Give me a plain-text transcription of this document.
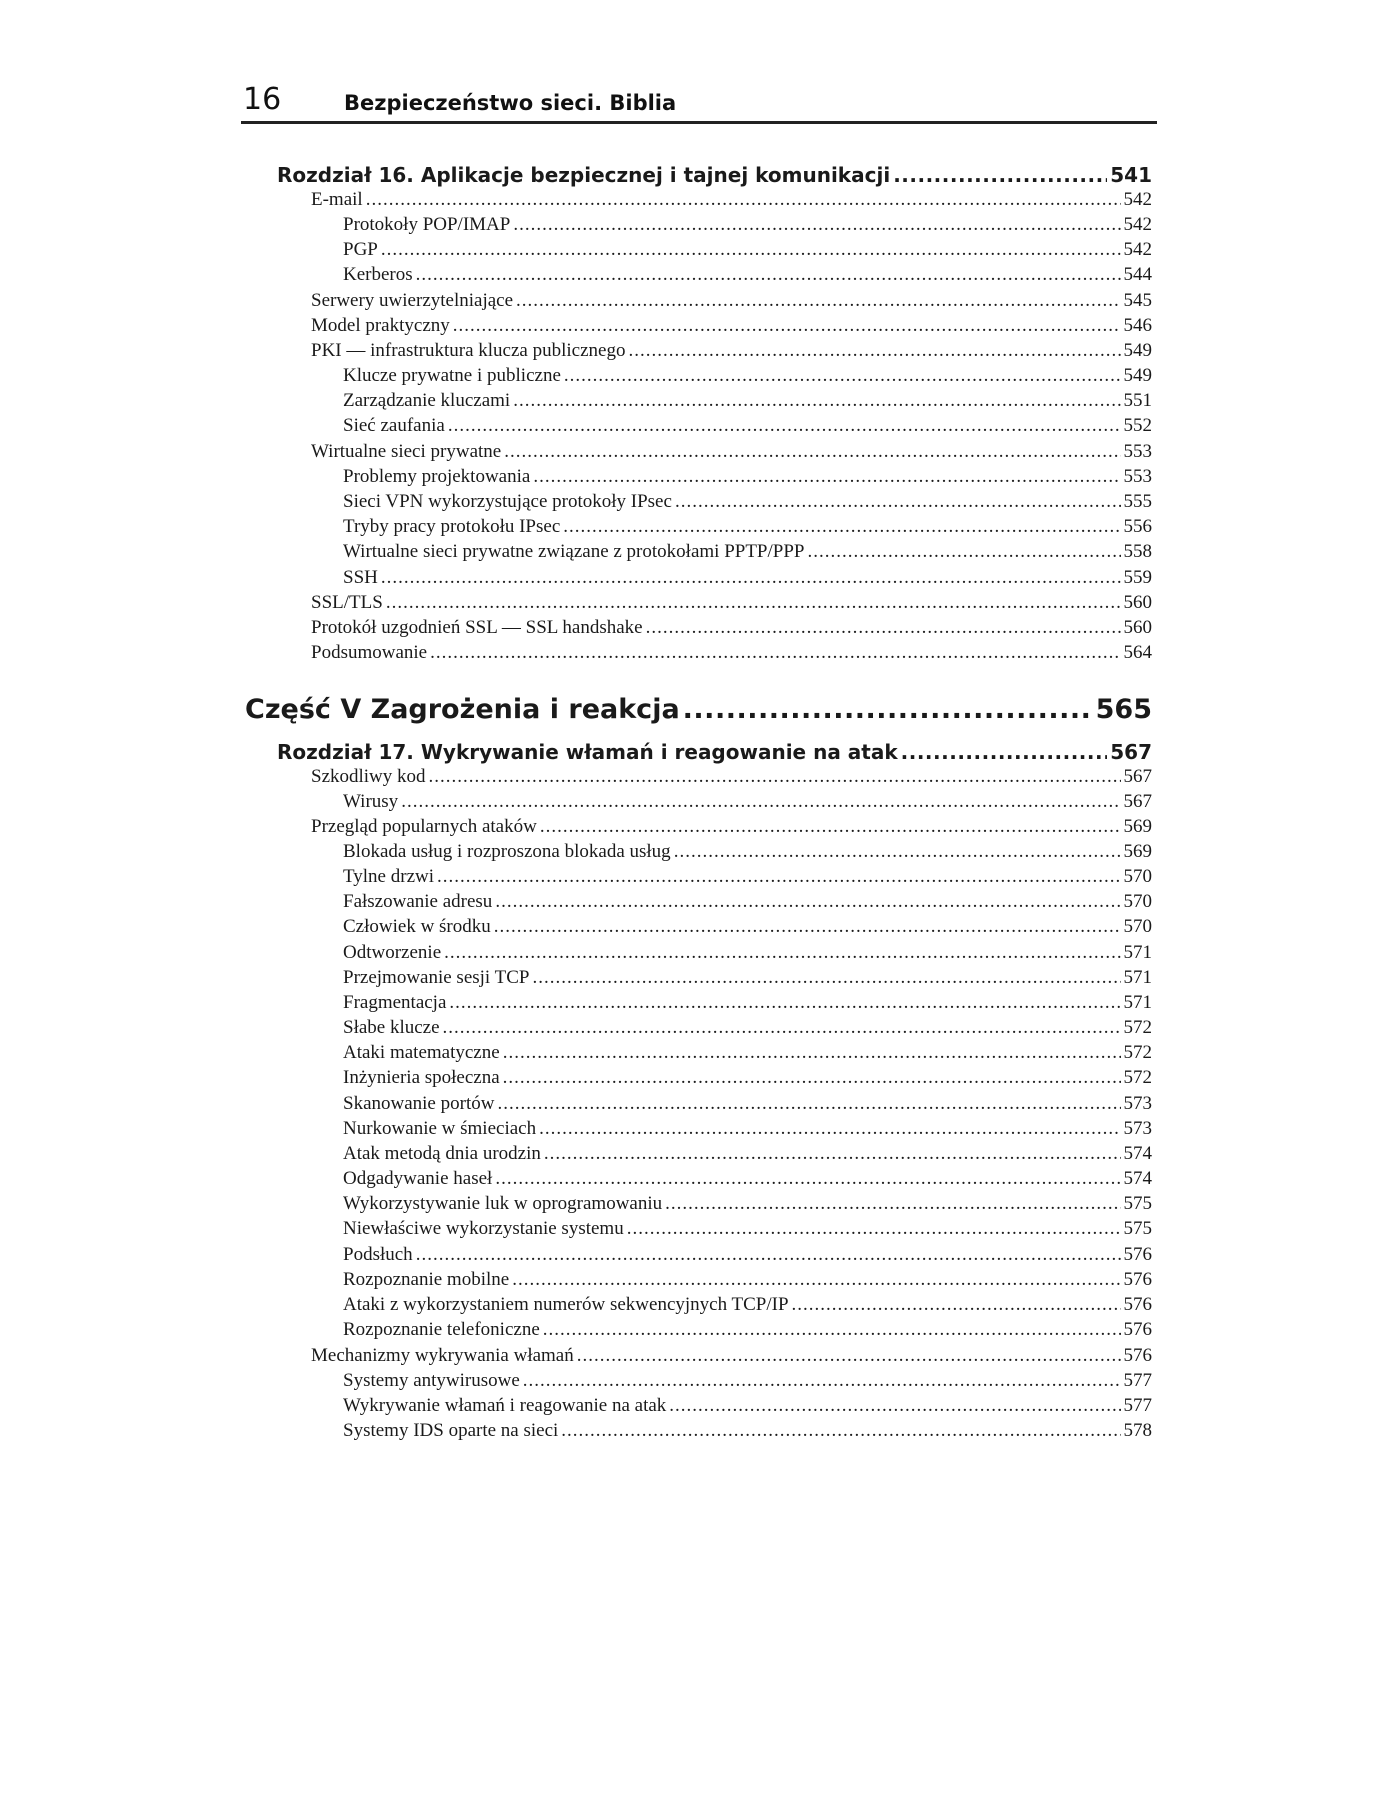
16	Bezpieczeństwo sieci. Biblia
Rozdział 16. Aplikacje bezpiecznej i tajnej komunikacji .....	541
E-mail .....	542
Protokoły POP/IMAP .....	542
PGP .....	542
Kerberos .....	544
Serwery uwierzytelniające .....	545
Model praktyczny .....	546
PKI — infrastruktura klucza publicznego .....	549
Klucze prywatne i publiczne .....	549
Zarządzanie kluczami .....	551
Sieć zaufania .....	552
Wirtualne sieci prywatne .....	553
Problemy projektowania .....	553
Sieci VPN wykorzystujące protokoły IPsec .....	555
Tryby pracy protokołu IPsec .....	556
Wirtualne sieci prywatne związane z protokołami PPTP/PPP .....	558
SSH .....	559
SSL/TLS .....	560
Protokół uzgodnień SSL — SSL handshake .....	560
Podsumowanie .....	564
Część V Zagrożenia i reakcja .....	565
Rozdział 17. Wykrywanie włamań i reagowanie na atak .....	567
Szkodliwy kod .....	567
Wirusy .....	567
Przegląd popularnych ataków .....	569
Blokada usług i rozproszona blokada usług .....	569
Tylne drzwi .....	570
Fałszowanie adresu .....	570
Człowiek w środku .....	570
Odtworzenie .....	571
Przejmowanie sesji TCP .....	571
Fragmentacja .....	571
Słabe klucze .....	572
Ataki matematyczne .....	572
Inżynieria społeczna .....	572
Skanowanie portów .....	573
Nurkowanie w śmieciach .....	573
Atak metodą dnia urodzin .....	574
Odgadywanie haseł .....	574
Wykorzystywanie luk w oprogramowaniu .....	575
Niewłaściwe wykorzystanie systemu .....	575
Podsłuch .....	576
Rozpoznanie mobilne .....	576
Ataki z wykorzystaniem numerów sekwencyjnych TCP/IP .....	576
Rozpoznanie telefoniczne .....	576
Mechanizmy wykrywania włamań .....	576
Systemy antywirusowe .....	577
Wykrywanie włamań i reagowanie na atak .....	577
Systemy IDS oparte na sieci .....	578
